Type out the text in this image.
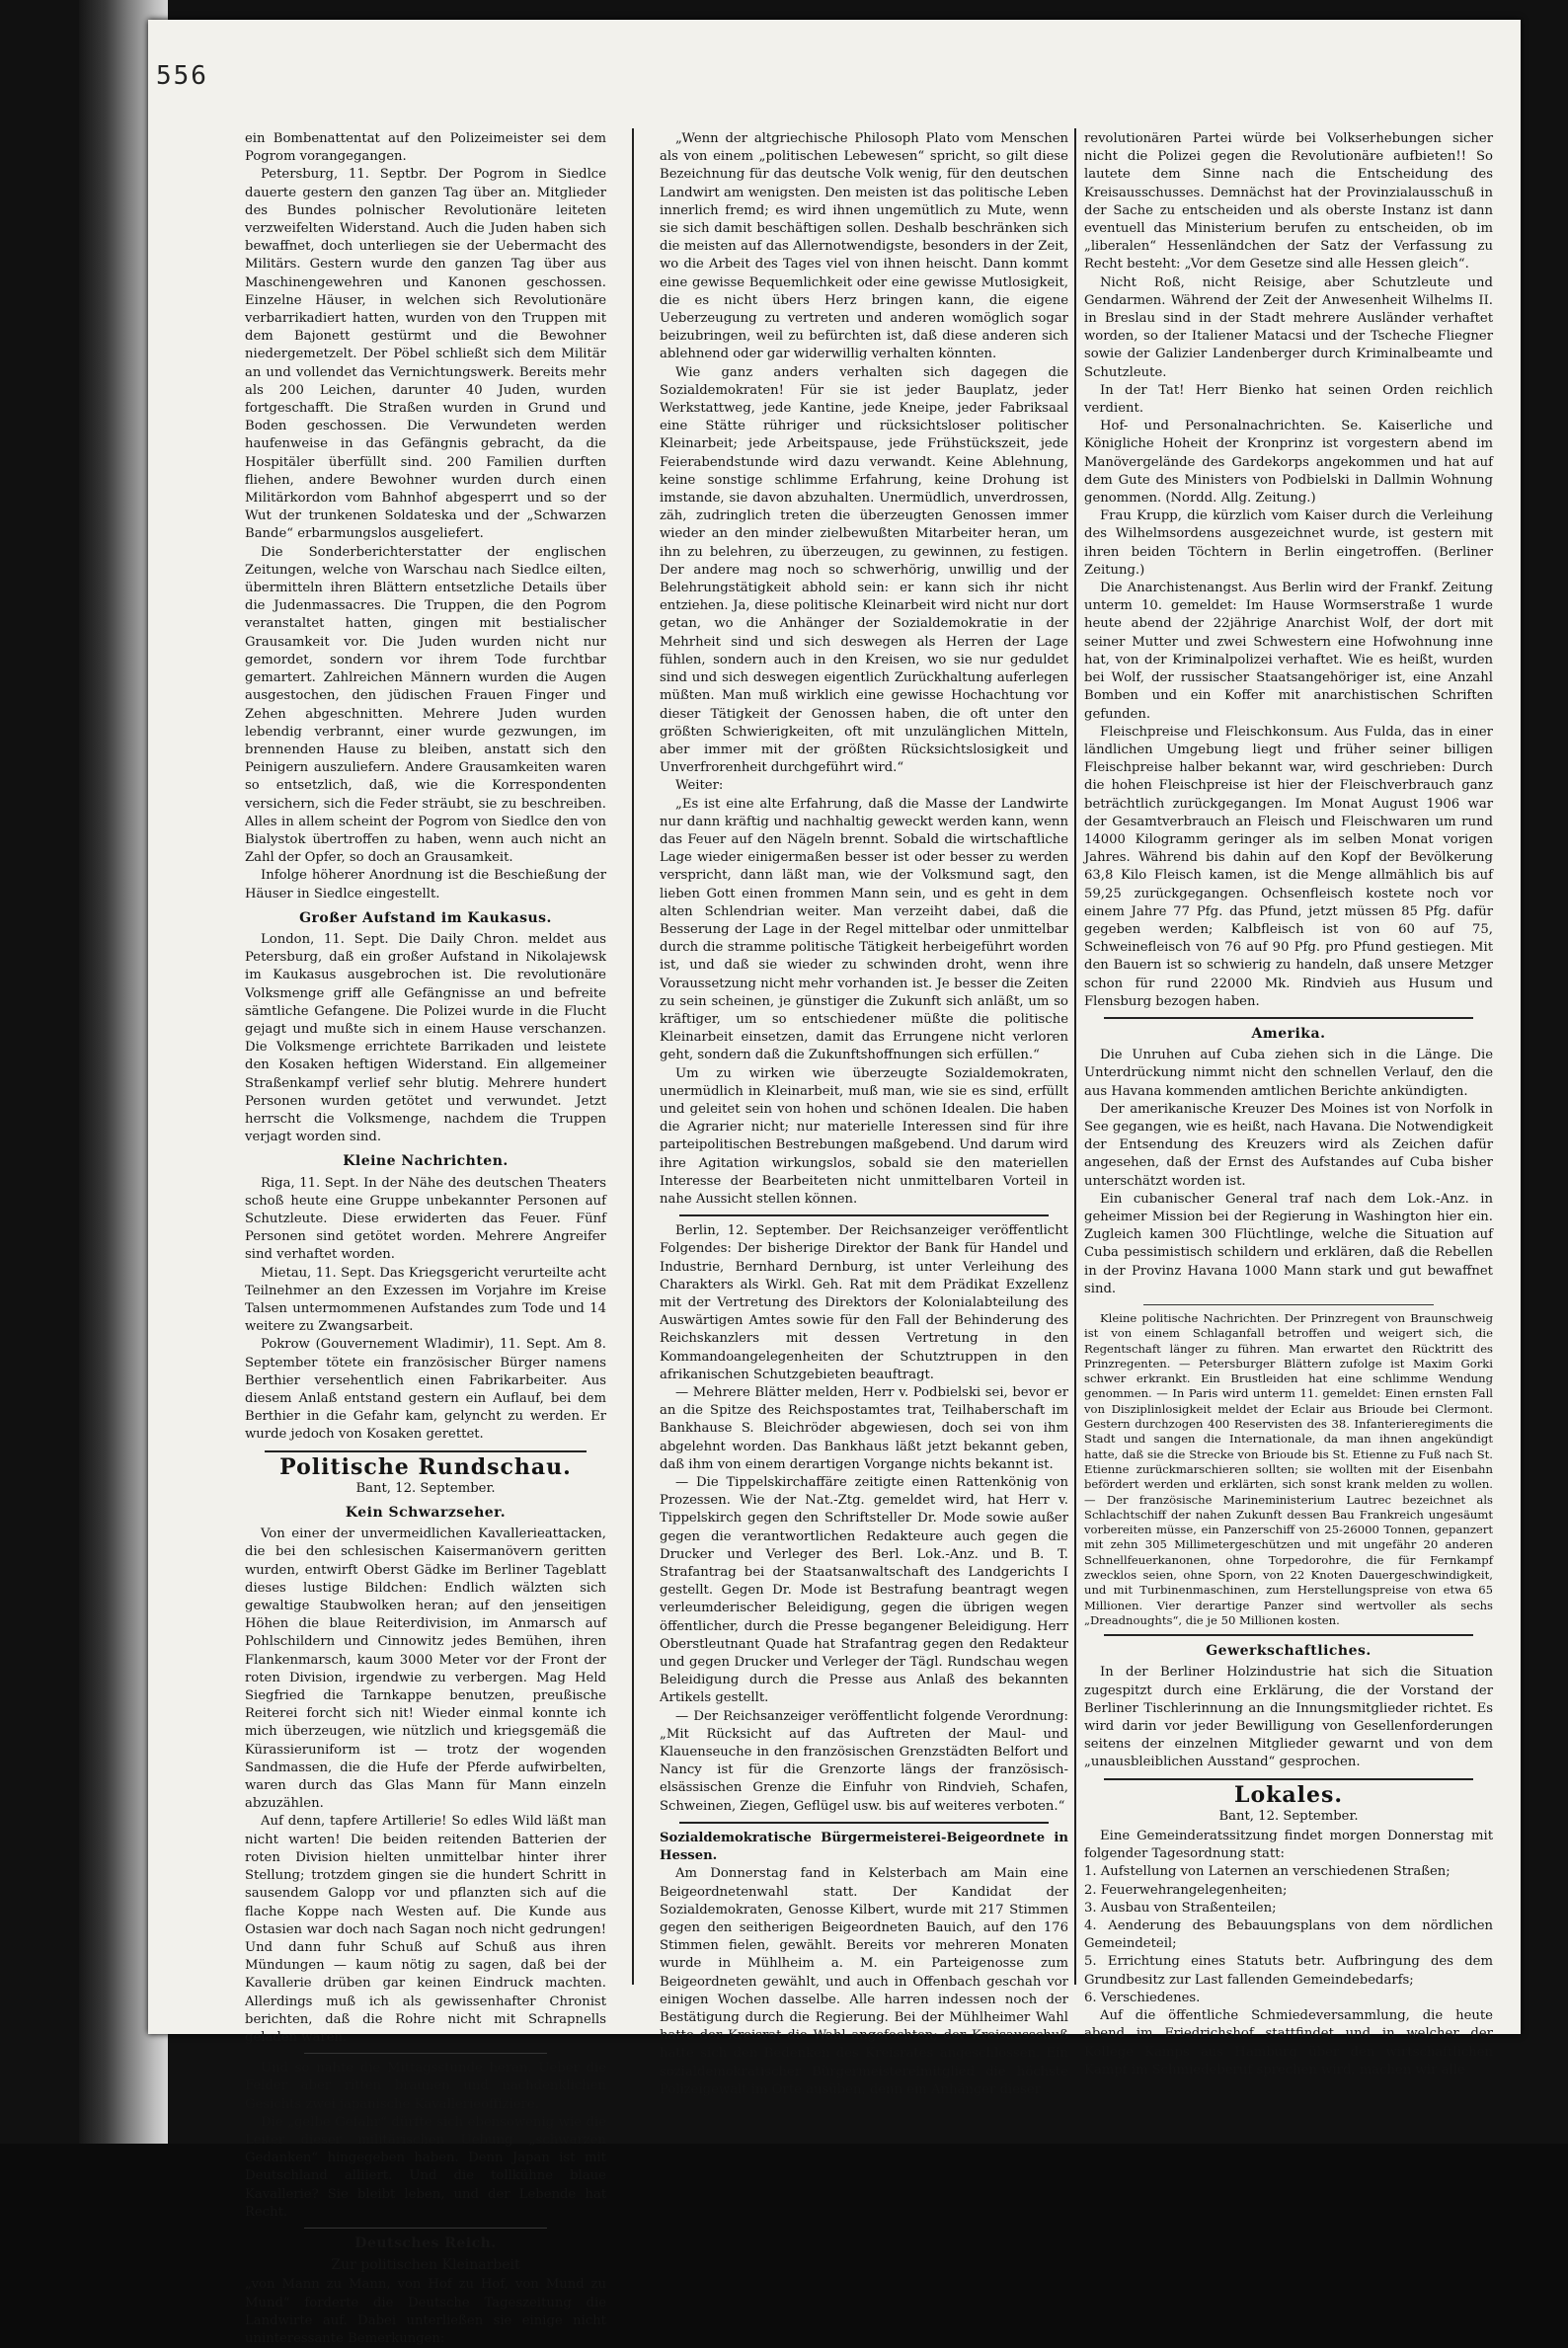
556

ein Bombenattentat auf den Polizeimeister sei dem Pogrom vorangegangen.

Petersburg, 11. Septbr. Der Pogrom in Siedlce dauerte gestern den ganzen Tag über an. Mitglieder des Bundes polnischer Revolutionäre leiteten verzweifelten Widerstand. Auch die Juden haben sich bewaffnet, doch unterliegen sie der Uebermacht des Militärs. Gestern wurde den ganzen Tag über aus Maschinengewehren und Kanonen geschossen. Einzelne Häuser, in welchen sich Revolutionäre verbarrikadiert hatten, wurden von den Truppen mit dem Bajonett gestürmt und die Bewohner niedergemetzelt. Der Pöbel schließt sich dem Militär an und vollendet das Vernichtungswerk. Bereits mehr als 200 Leichen, darunter 40 Juden, wurden fortgeschafft. Die Straßen wurden in Grund und Boden geschossen. Die Verwundeten werden haufenweise in das Gefängnis gebracht, da die Hospitäler überfüllt sind. 200 Familien durften fliehen, andere Bewohner wurden durch einen Militärkordon vom Bahnhof abgesperrt und so der Wut der trunkenen Soldateska und der „Schwarzen Bande“ erbarmungslos ausgeliefert.

Die Sonderberichterstatter der englischen Zeitungen, welche von Warschau nach Siedlce eilten, übermitteln ihren Blättern entsetzliche Details über die Judenmassacres. Die Truppen, die den Pogrom veranstaltet hatten, gingen mit bestialischer Grausamkeit vor. Die Juden wurden nicht nur gemordet, sondern vor ihrem Tode furchtbar gemartert. Zahlreichen Männern wurden die Augen ausgestochen, den jüdischen Frauen Finger und Zehen abgeschnitten. Mehrere Juden wurden lebendig verbrannt, einer wurde gezwungen, im brennenden Hause zu bleiben, anstatt sich den Peinigern auszuliefern. Andere Grausamkeiten waren so entsetzlich, daß, wie die Korrespondenten versichern, sich die Feder sträubt, sie zu beschreiben. Alles in allem scheint der Pogrom von Siedlce den von Bialystok übertroffen zu haben, wenn auch nicht an Zahl der Opfer, so doch an Grausamkeit.

Infolge höherer Anordnung ist die Beschießung der Häuser in Siedlce eingestellt.

Großer Aufstand im Kaukasus.

London, 11. Sept. Die Daily Chron. meldet aus Petersburg, daß ein großer Aufstand in Nikolajewsk im Kaukasus ausgebrochen ist. Die revolutionäre Volksmenge griff alle Gefängnisse an und befreite sämtliche Gefangene. Die Polizei wurde in die Flucht gejagt und mußte sich in einem Hause verschanzen. Die Volksmenge errichtete Barrikaden und leistete den Kosaken heftigen Widerstand. Ein allgemeiner Straßenkampf verlief sehr blutig. Mehrere hundert Personen wurden getötet und verwundet. Jetzt herrscht die Volksmenge, nachdem die Truppen verjagt worden sind.

Kleine Nachrichten.

Riga, 11. Sept. In der Nähe des deutschen Theaters schoß heute eine Gruppe unbekannter Personen auf Schutzleute. Diese erwiderten das Feuer. Fünf Personen sind getötet worden. Mehrere Angreifer sind verhaftet worden.

Mietau, 11. Sept. Das Kriegsgericht verurteilte acht Teilnehmer an den Exzessen im Vorjahre im Kreise Talsen untermommenen Aufstandes zum Tode und 14 weitere zu Zwangsarbeit.

Pokrow (Gouvernement Wladimir), 11. Sept. Am 8. September tötete ein französischer Bürger namens Berthier versehentlich einen Fabrikarbeiter. Aus diesem Anlaß entstand gestern ein Auflauf, bei dem Berthier in die Gefahr kam, gelyncht zu werden. Er wurde jedoch von Kosaken gerettet.

Politische Rundschau.
Bant, 12. September.
Kein Schwarzseher.

Von einer der unvermeidlichen Kavallerieattacken, die bei den schlesischen Kaisermanövern geritten wurden, entwirft Oberst Gädke im Berliner Tageblatt dieses lustige Bildchen: Endlich wälzten sich gewaltige Staubwolken heran; auf den jenseitigen Höhen die blaue Reiterdivision, im Anmarsch auf Pohlschildern und Cinnowitz jedes Bemühen, ihren Flankenmarsch, kaum 3000 Meter vor der Front der roten Division, irgendwie zu verbergen. Mag Held Siegfried die Tarnkappe benutzen, preußische Reiterei forcht sich nit! Wieder einmal konnte ich mich überzeugen, wie nützlich und kriegsgemäß die Kürassieruniform ist — trotz der wogenden Sandmassen, die die Hufe der Pferde aufwirbelten, waren durch das Glas Mann für Mann einzeln abzuzählen.

Auf denn, tapfere Artillerie! So edles Wild läßt man nicht warten! Die beiden reitenden Batterien der roten Division hielten unmittelbar hinter ihrer Stellung; trotzdem gingen sie die hundert Schritt in sausendem Galopp vor und pflanzten sich auf die flache Koppe nach Westen auf. Die Kunde aus Ostasien war doch nach Sagan noch nicht gedrungen! Und dann fuhr Schuß auf Schuß aus ihren Mündungen — kaum nötig zu sagen, daß bei der Kavallerie drüben gar keinen Eindruck machten. Allerdings muß ich als gewissenhafter Chronist berichten, daß die Rohre nicht mit Schrapnells geladen waren.

Und so nahte die Mittagsstunde heran. Ueber die Felder aber ritten braunen und nachdenklichen Gesichts zwei japanische Kavallerieoffiziere.

Die „gelbe Gefahr“ dürfte sich ebensowenig wie die Leiter dieser militärischen Uebung „schwarzen Gedanken“ hingegeben haben. Denn Japan ist mit Deutschland alliiert. Und die tollkühne blaue Kavallerie? Sie bleibt leben, und der Lebende hat Recht.

Deutsches Reich.
Zur politischen Kleinarbeit

„von Mann zu Mann, von Hof zu Hof, von Mund zu Mund“ forderte die Deutsche Tageszeitung die Landwirte auf. Dabei unterließen sie einige nicht uninteressante Bemerkungen:

„Wenn der altgriechische Philosoph Plato vom Menschen als von einem „politischen Lebewesen“ spricht, so gilt diese Bezeichnung für das deutsche Volk wenig, für den deutschen Landwirt am wenigsten. Den meisten ist das politische Leben innerlich fremd; es wird ihnen ungemütlich zu Mute, wenn sie sich damit beschäftigen sollen. Deshalb beschränken sich die meisten auf das Allernotwendigste, besonders in der Zeit, wo die Arbeit des Tages viel von ihnen heischt. Dann kommt eine gewisse Bequemlichkeit oder eine gewisse Mutlosigkeit, die es nicht übers Herz bringen kann, die eigene Ueberzeugung zu vertreten und anderen womöglich sogar beizubringen, weil zu befürchten ist, daß diese anderen sich ablehnend oder gar widerwillig verhalten könnten.

Wie ganz anders verhalten sich dagegen die Sozialdemokraten! Für sie ist jeder Bauplatz, jeder Werkstattweg, jede Kantine, jede Kneipe, jeder Fabriksaal eine Stätte rühriger und rücksichtsloser politischer Kleinarbeit; jede Arbeitspause, jede Frühstückszeit, jede Feierabendstunde wird dazu verwandt. Keine Ablehnung, keine sonstige schlimme Erfahrung, keine Drohung ist imstande, sie davon abzuhalten. Unermüdlich, unverdrossen, zäh, zudringlich treten die überzeugten Genossen immer wieder an den minder zielbewußten Mitarbeiter heran, um ihn zu belehren, zu überzeugen, zu gewinnen, zu festigen. Der andere mag noch so schwerhörig, unwillig und der Belehrungstätigkeit abhold sein: er kann sich ihr nicht entziehen. Ja, diese politische Kleinarbeit wird nicht nur dort getan, wo die Anhänger der Sozialdemokratie in der Mehrheit sind und sich deswegen als Herren der Lage fühlen, sondern auch in den Kreisen, wo sie nur geduldet sind und sich deswegen eigentlich Zurückhaltung auferlegen müßten. Man muß wirklich eine gewisse Hochachtung vor dieser Tätigkeit der Genossen haben, die oft unter den größten Schwierigkeiten, oft mit unzulänglichen Mitteln, aber immer mit der größten Rücksichtslosigkeit und Unverfrorenheit durchgeführt wird.“

Weiter:

„Es ist eine alte Erfahrung, daß die Masse der Landwirte nur dann kräftig und nachhaltig geweckt werden kann, wenn das Feuer auf den Nägeln brennt. Sobald die wirtschaftliche Lage wieder einigermaßen besser ist oder besser zu werden verspricht, dann läßt man, wie der Volksmund sagt, den lieben Gott einen frommen Mann sein, und es geht in dem alten Schlendrian weiter. Man verzeiht dabei, daß die Besserung der Lage in der Regel mittelbar oder unmittelbar durch die stramme politische Tätigkeit herbeigeführt worden ist, und daß sie wieder zu schwinden droht, wenn ihre Voraussetzung nicht mehr vorhanden ist. Je besser die Zeiten zu sein scheinen, je günstiger die Zukunft sich anläßt, um so kräftiger, um so entschiedener müßte die politische Kleinarbeit einsetzen, damit das Errungene nicht verloren geht, sondern daß die Zukunftshoffnungen sich erfüllen.“

Um zu wirken wie überzeugte Sozialdemokraten, unermüdlich in Kleinarbeit, muß man, wie sie es sind, erfüllt und geleitet sein von hohen und schönen Idealen. Die haben die Agrarier nicht; nur materielle Interessen sind für ihre parteipolitischen Bestrebungen maßgebend. Und darum wird ihre Agitation wirkungslos, sobald sie den materiellen Interesse der Bearbeiteten nicht unmittelbaren Vorteil in nahe Aussicht stellen können.

Berlin, 12. September. Der Reichsanzeiger veröffentlicht Folgendes: Der bisherige Direktor der Bank für Handel und Industrie, Bernhard Dernburg, ist unter Verleihung des Charakters als Wirkl. Geh. Rat mit dem Prädikat Exzellenz mit der Vertretung des Direktors der Kolonialabteilung des Auswärtigen Amtes sowie für den Fall der Behinderung des Reichskanzlers mit dessen Vertretung in den Kommandoangelegenheiten der Schutztruppen in den afrikanischen Schutzgebieten beauftragt.

— Mehrere Blätter melden, Herr v. Podbielski sei, bevor er an die Spitze des Reichspostamtes trat, Teilhaberschaft im Bankhause S. Bleichröder abgewiesen, doch sei von ihm abgelehnt worden. Das Bankhaus läßt jetzt bekannt geben, daß ihm von einem derartigen Vorgange nichts bekannt ist.

— Die Tippelskirchaffäre zeitigte einen Rattenkönig von Prozessen. Wie der Nat.-Ztg. gemeldet wird, hat Herr v. Tippelskirch gegen den Schriftsteller Dr. Mode sowie außer gegen die verantwortlichen Redakteure auch gegen die Drucker und Verleger des Berl. Lok.-Anz. und B. T. Strafantrag bei der Staatsanwaltschaft des Landgerichts I gestellt. Gegen Dr. Mode ist Bestrafung beantragt wegen verleumderischer Beleidigung, gegen die übrigen wegen öffentlicher, durch die Presse begangener Beleidigung. Herr Oberstleutnant Quade hat Strafantrag gegen den Redakteur und gegen Drucker und Verleger der Tägl. Rundschau wegen Beleidigung durch die Presse aus Anlaß des bekannten Artikels gestellt.

— Der Reichsanzeiger veröffentlicht folgende Verordnung: „Mit Rücksicht auf das Auftreten der Maul- und Klauenseuche in den französischen Grenzstädten Belfort und Nancy ist für die Grenzorte längs der französisch-elsässischen Grenze die Einfuhr von Rindvieh, Schafen, Schweinen, Ziegen, Geflügel usw. bis auf weiteres verboten.“

Sozialdemokratische Bürgermeisterei-Beigeordnete in Hessen.

Am Donnerstag fand in Kelsterbach am Main eine Beigeordnetenwahl statt. Der Kandidat der Sozialdemokraten, Genosse Kilbert, wurde mit 217 Stimmen gegen den seitherigen Beigeordneten Bauich, auf den 176 Stimmen fielen, gewählt. Bereits vor mehreren Monaten wurde in Mühlheim a. M. ein Parteigenosse zum Beigeordneten gewählt, und auch in Offenbach geschah vor einigen Wochen dasselbe. Alle harren indessen noch der Bestätigung durch die Regierung. Bei der Mühlheimer Wahl hatte der Kreisrat die Wahl angefochten; der Kreisausschuß hatte sich den Bedenken des Kreisrates angeschlossen. Ein sozialdemokratischer Bürgermeistereimitglied die höchste Polizeigewalt im Orte ausüben, denn ein Anhänger dieser

revolutionären Partei würde bei Volkserhebungen sicher nicht die Polizei gegen die Revolutionäre aufbieten!! So lautete dem Sinne nach die Entscheidung des Kreisausschusses. Demnächst hat der Provinzialausschuß in der Sache zu entscheiden und als oberste Instanz ist dann eventuell das Ministerium berufen zu entscheiden, ob im „liberalen“ Hessenländchen der Satz der Verfassung zu Recht besteht: „Vor dem Gesetze sind alle Hessen gleich“.

Nicht Roß, nicht Reisige, aber Schutzleute und Gendarmen. Während der Zeit der Anwesenheit Wilhelms II. in Breslau sind in der Stadt mehrere Ausländer verhaftet worden, so der Italiener Matacsi und der Tscheche Fliegner sowie der Galizier Landenberger durch Kriminalbeamte und Schutzleute.

In der Tat! Herr Bienko hat seinen Orden reichlich verdient.

Hof- und Personalnachrichten. Se. Kaiserliche und Königliche Hoheit der Kronprinz ist vorgestern abend im Manövergelände des Gardekorps angekommen und hat auf dem Gute des Ministers von Podbielski in Dallmin Wohnung genommen. (Nordd. Allg. Zeitung.)

Frau Krupp, die kürzlich vom Kaiser durch die Verleihung des Wilhelmsordens ausgezeichnet wurde, ist gestern mit ihren beiden Töchtern in Berlin eingetroffen. (Berliner Zeitung.)

Die Anarchistenangst. Aus Berlin wird der Frankf. Zeitung unterm 10. gemeldet: Im Hause Wormserstraße 1 wurde heute abend der 22jährige Anarchist Wolf, der dort mit seiner Mutter und zwei Schwestern eine Hofwohnung inne hat, von der Kriminalpolizei verhaftet. Wie es heißt, wurden bei Wolf, der russischer Staatsangehöriger ist, eine Anzahl Bomben und ein Koffer mit anarchistischen Schriften gefunden.

Fleischpreise und Fleischkonsum. Aus Fulda, das in einer ländlichen Umgebung liegt und früher seiner billigen Fleischpreise halber bekannt war, wird geschrieben: Durch die hohen Fleischpreise ist hier der Fleischverbrauch ganz beträchtlich zurückgegangen. Im Monat August 1906 war der Gesamtverbrauch an Fleisch und Fleischwaren um rund 14000 Kilogramm geringer als im selben Monat vorigen Jahres. Während bis dahin auf den Kopf der Bevölkerung 63,8 Kilo Fleisch kamen, ist die Menge allmählich bis auf 59,25 zurückgegangen. Ochsenfleisch kostete noch vor einem Jahre 77 Pfg. das Pfund, jetzt müssen 85 Pfg. dafür gegeben werden; Kalbfleisch ist von 60 auf 75, Schweinefleisch von 76 auf 90 Pfg. pro Pfund gestiegen. Mit den Bauern ist so schwierig zu handeln, daß unsere Metzger schon für rund 22000 Mk. Rindvieh aus Husum und Flensburg bezogen haben.

Amerika.

Die Unruhen auf Cuba ziehen sich in die Länge. Die Unterdrückung nimmt nicht den schnellen Verlauf, den die aus Havana kommenden amtlichen Berichte ankündigten.

Der amerikanische Kreuzer Des Moines ist von Norfolk in See gegangen, wie es heißt, nach Havana. Die Notwendigkeit der Entsendung des Kreuzers wird als Zeichen dafür angesehen, daß der Ernst des Aufstandes auf Cuba bisher unterschätzt worden ist.

Ein cubanischer General traf nach dem Lok.-Anz. in geheimer Mission bei der Regierung in Washington hier ein. Zugleich kamen 300 Flüchtlinge, welche die Situation auf Cuba pessimistisch schildern und erklären, daß die Rebellen in der Provinz Havana 1000 Mann stark und gut bewaffnet sind.

Kleine politische Nachrichten. Der Prinzregent von Braunschweig ist von einem Schlaganfall betroffen und weigert sich, die Regentschaft länger zu führen. Man erwartet den Rücktritt des Prinzregenten. — Petersburger Blättern zufolge ist Maxim Gorki schwer erkrankt. Ein Brustleiden hat eine schlimme Wendung genommen. — In Paris wird unterm 11. gemeldet: Einen ernsten Fall von Disziplinlosigkeit meldet der Eclair aus Brioude bei Clermont. Gestern durchzogen 400 Reservisten des 38. Infanterieregiments die Stadt und sangen die Internationale, da man ihnen angekündigt hatte, daß sie die Strecke von Brioude bis St. Etienne zu Fuß nach St. Etienne zurückmarschieren sollten; sie wollten mit der Eisenbahn befördert werden und erklärten, sich sonst krank melden zu wollen. — Der französische Marineministerium Lautrec bezeichnet als Schlachtschiff der nahen Zukunft dessen Bau Frankreich ungesäumt vorbereiten müsse, ein Panzerschiff von 25-26000 Tonnen, gepanzert mit zehn 305 Millimetergeschützen und mit ungefähr 20 anderen Schnellfeuerkanonen, ohne Torpedorohre, die für Fernkampf zwecklos seien, ohne Sporn, von 22 Knoten Dauergeschwindigkeit, und mit Turbinenmaschinen, zum Herstellungspreise von etwa 65 Millionen. Vier derartige Panzer sind wertvoller als sechs „Dreadnoughts“, die je 50 Millionen kosten.

Gewerkschaftliches.

In der Berliner Holzindustrie hat sich die Situation zugespitzt durch eine Erklärung, die der Vorstand der Berliner Tischlerinnung an die Innungsmitglieder richtet. Es wird darin vor jeder Bewilligung von Gesellenforderungen seitens der einzelnen Mitglieder gewarnt und von dem „unausbleiblichen Ausstand“ gesprochen.

Lokales.
Bant, 12. September.

Eine Gemeinderatssitzung findet morgen Donnerstag mit folgender Tagesordnung statt:

1. Aufstellung von Laternen an verschiedenen Straßen;

2. Feuerwehrangelegenheiten;

3. Ausbau von Straßenteilen;

4. Aenderung des Bebauungsplans von dem nördlichen Gemeindeteil;

5. Errichtung eines Statuts betr. Aufbringung des dem Grundbesitz zur Last fallenden Gemeindebedarfs;

6. Verschiedenes.

Auf die öffentliche Schmiedeversammlung, die heute abend im Friedrichshof stattfindet und in welcher der Kollege Kamps aus Hamburg über den wirtschaftlichen Kampf im Schmiedeberuf sprechen wird, machen wir alle
